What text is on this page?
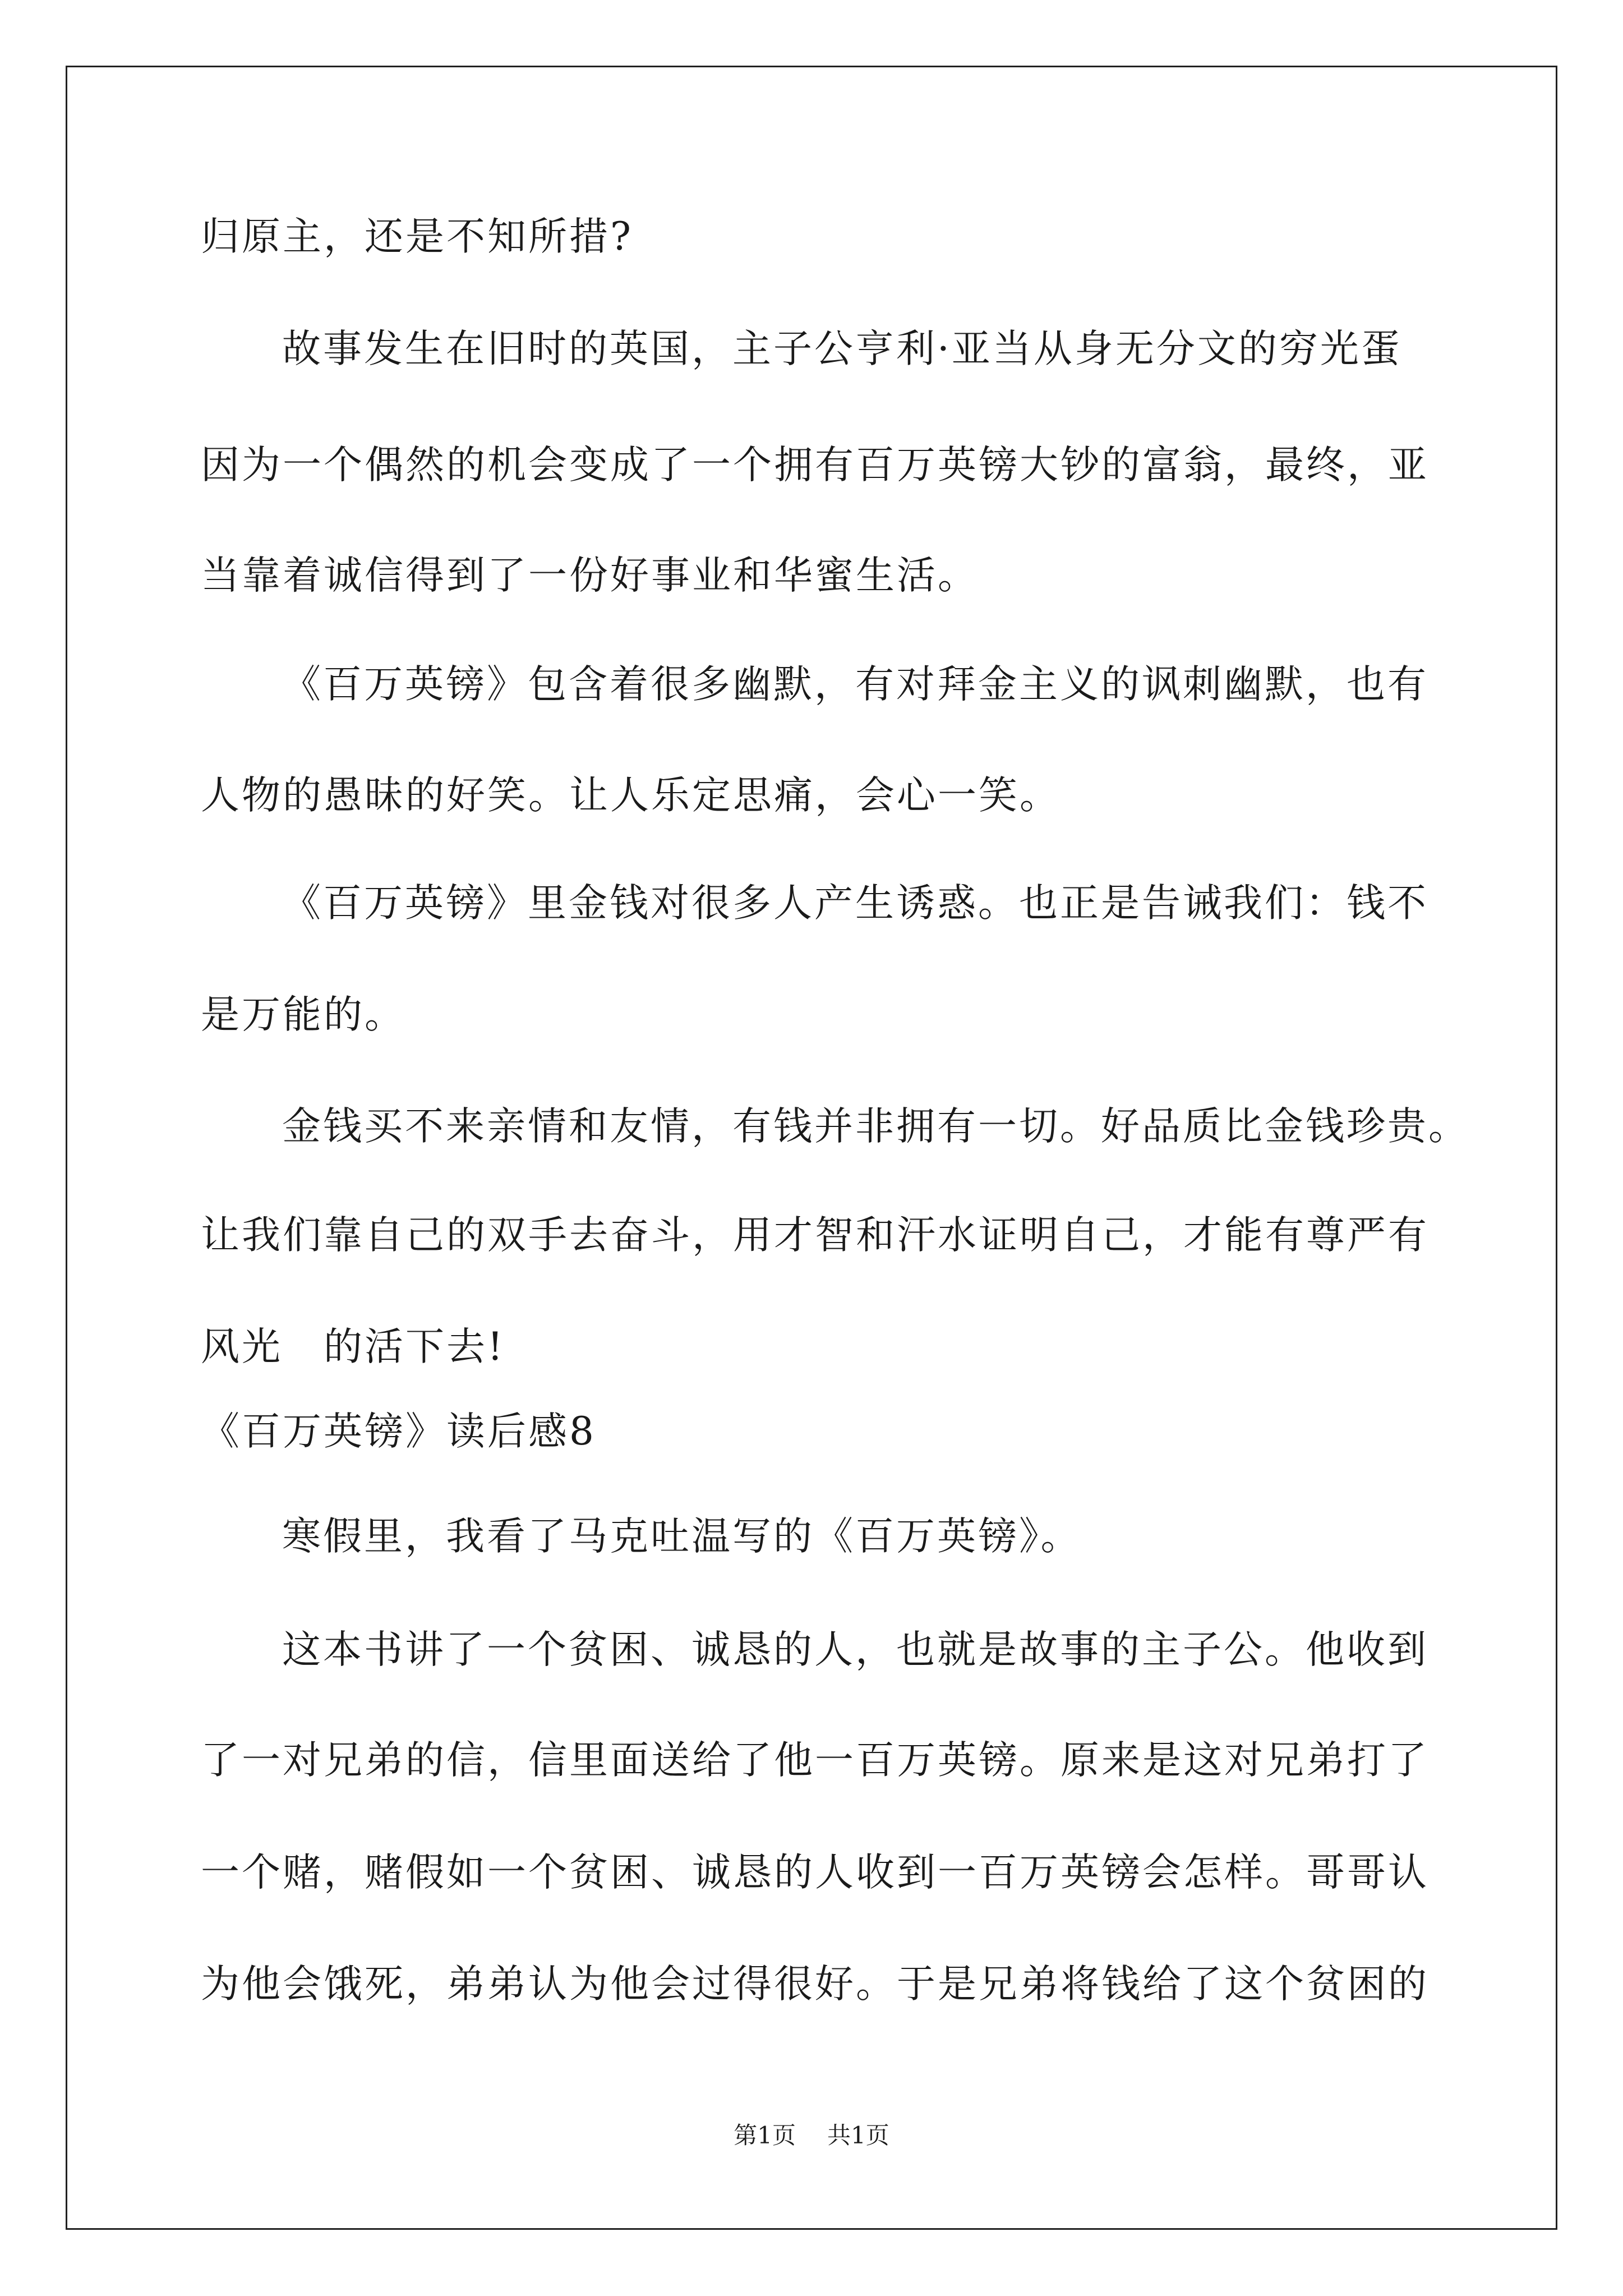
归原主，还是不知所措?
故事发生在旧时的英国，主子公亨利·亚当从身无分文的穷光蛋
因为一个偶然的机会变成了一个拥有百万英镑大钞的富翁，最终，亚
当靠着诚信得到了一份好事业和华蜜生活。
《百万英镑》包含着很多幽默，有对拜金主义的讽刺幽默，也有
人物的愚昧的好笑。让人乐定思痛，会心一笑。
《百万英镑》里金钱对很多人产生诱惑。也正是告诫我们：钱不
是万能的。
金钱买不来亲情和友情，有钱并非拥有一切。好品质比金钱珍贵。
让我们靠自己的双手去奋斗，用才智和汗水证明自己，才能有尊严有
风光　的活下去!
《百万英镑》读后感8
寒假里，我看了马克吐温写的《百万英镑》。
这本书讲了一个贫困、诚恳的人，也就是故事的主子公。他收到
了一对兄弟的信，信里面送给了他一百万英镑。原来是这对兄弟打了
一个赌，赌假如一个贫困、诚恳的人收到一百万英镑会怎样。哥哥认
为他会饿死，弟弟认为他会过得很好。于是兄弟将钱给了这个贫困的
第1页 共1页
